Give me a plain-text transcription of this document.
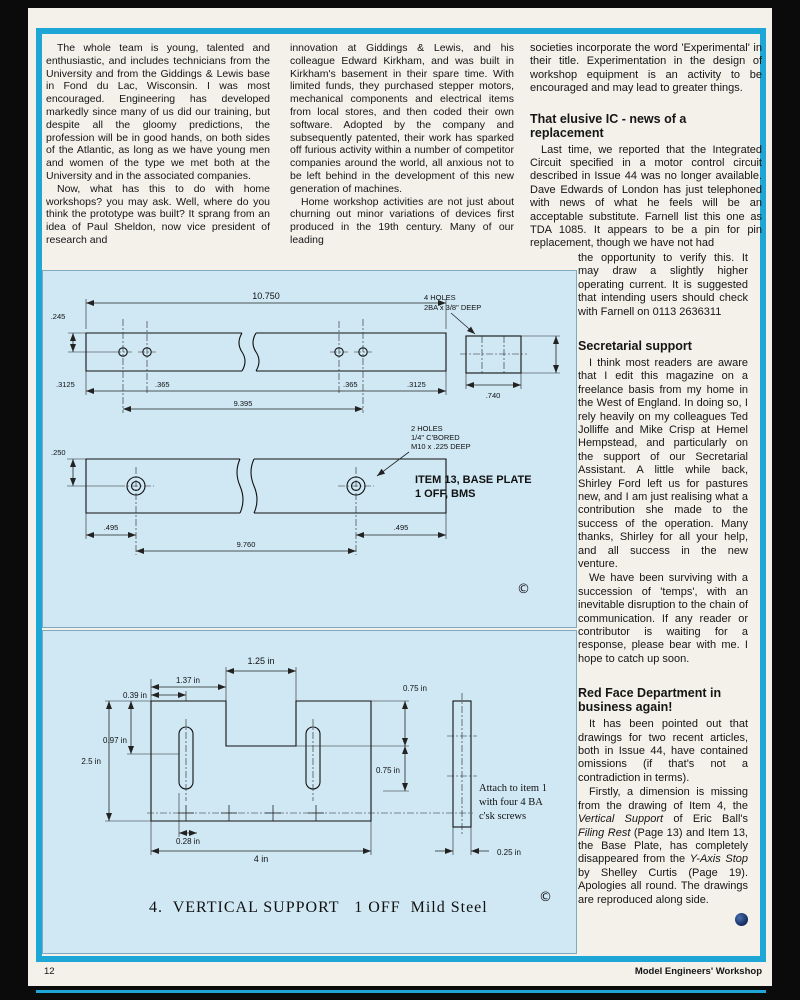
The whole team is young, talented and enthusiastic, and includes technicians from the University and from the Giddings & Lewis base in Fond du Lac, Wisconsin. I was most encouraged. Engineering has developed markedly since many of us did our training, but despite all the gloomy predictions, the profession will be in good hands, on both sides of the Atlantic, as long as we have young men and women of the type we met both at the University and in the associated companies.

Now, what has this to do with home workshops? you may ask. Well, where do you think the prototype was built? It sprang from an idea of Paul Sheldon, now vice president of research and

innovation at Giddings & Lewis, and his colleague Edward Kirkham, and was built in Kirkham's basement in their spare time. With limited funds, they purchased stepper motors, mechanical components and electrical items from local stores, and then coded their own software. Adopted by the company and subsequently patented, their work has sparked off furious activity within a number of competitor companies around the world, all anxious not to be left behind in the development of this new generation of machines.

Home workshop activities are not just about churning out minor variations of devices first produced in the 19th century. Many of our leading

societies incorporate the word 'Experimental' in their title. Experimentation in the design of workshop equipment is an activity to be encouraged and may lead to greater things.

That elusive IC - news of a replacement

Last time, we reported that the Integrated Circuit specified in a motor control circuit described in Issue 44 was no longer available. Dave Edwards of London has just telephoned with news of what he feels will be an acceptable substitute. Farnell list this one as TDA 1085. It appears to be a pin for pin replacement, though we have not had

the opportunity to verify this. It may draw a slightly higher operating current. It is suggested that intending users should check with Farnell on 0113 2636311

Secretarial support

I think most readers are aware that I edit this magazine on a freelance basis from my home in the West of England. In doing so, I rely heavily on my colleagues Ted Jolliffe and Mike Crisp at Hemel Hempstead, and particularly on the support of our Secretarial Assistant. A little while back, Shirley Ford left us for pastures new, and I am just realising what a contribution she made to the success of the operation. Many thanks, Shirley for all your help, and all success in the new venture.

We have been surviving with a succession of 'temps', with an inevitable disruption to the chain of communication. If any reader or contributor is waiting for a response, please bear with me. I hope to catch up soon.

Red Face Department in business again!

It has been pointed out that drawings for two recent articles, both in Issue 44, have contained omissions (if that's not a contradiction in terms).

Firstly, a dimension is missing from the drawing of Item 4, the Vertical Support of Eric Ball's Filing Rest (Page 13) and Item 13, the Base Plate, has completely disappeared from the Y-Axis Stop by Shelley Curtis (Page 19). Apologies all round. The drawings are reproduced along side.

10.750
.245
4 HOLES
2BA x 3/8" DEEP
.3125	.365	.365	.3125
9.395
.740
.250
2 HOLES
1/4" C'BORED
M10 x .225 DEEP
ITEM 13, BASE PLATE
1 OFF, BMS
.495	.495
9.760
©
1.25 in
1.37 in
0.39 in
0.97 in
2.5 in
0.75 in
0.75 in
0.28 in
4 in
0.25 in
Attach to item 1
with four 4 BA
c'sk screws
4.  VERTICAL SUPPORT   1 OFF  Mild Steel
©
12	Model Engineers' Workshop
